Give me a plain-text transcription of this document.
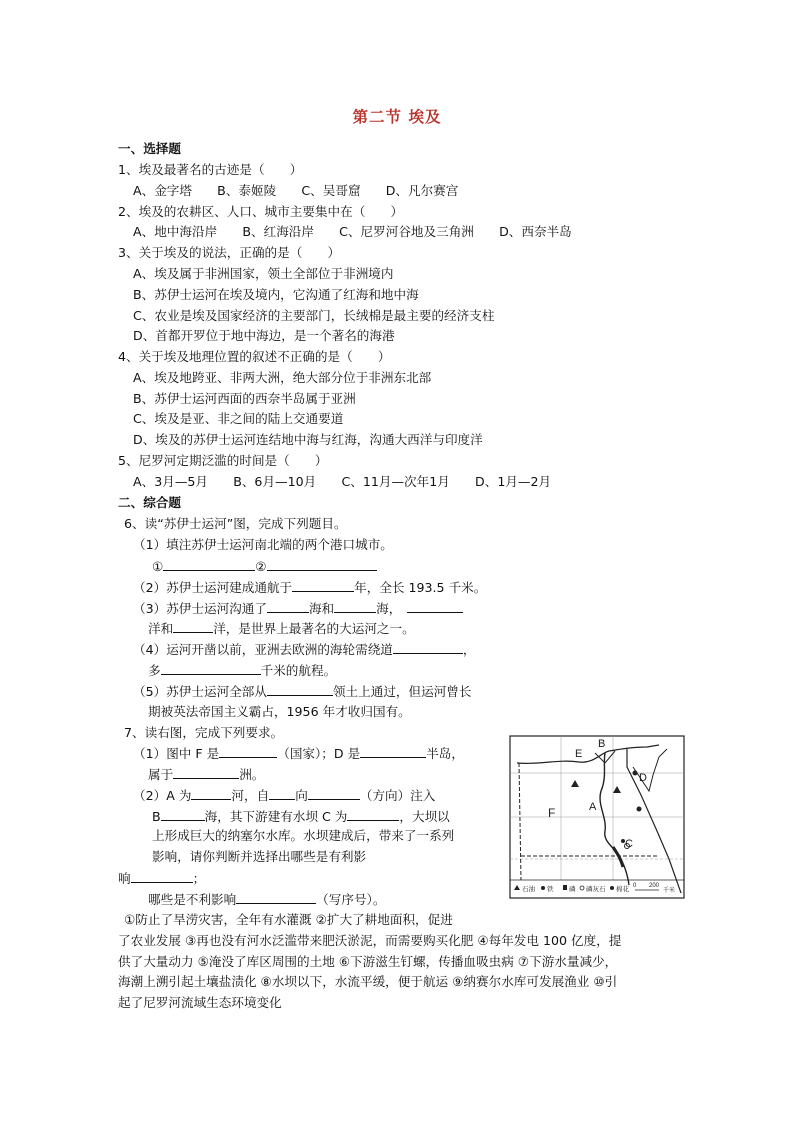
第二节 埃及
一、选择题
1、埃及最著名的古迹是（　　）
A、金字塔　　B、泰姬陵　　C、吴哥窟　　D、凡尔赛宫
2、埃及的农耕区、人口、城市主要集中在（　　）
A、地中海沿岸　　B、红海沿岸　　C、尼罗河谷地及三角洲　　D、西奈半岛
3、关于埃及的说法，正确的是（　　）
A、埃及属于非洲国家，领土全部位于非洲境内
B、苏伊士运河在埃及境内，它沟通了红海和地中海
C、农业是埃及国家经济的主要部门，长绒棉是最主要的经济支柱
D、首都开罗位于地中海边，是一个著名的海港
4、关于埃及地理位置的叙述不正确的是（　　）
A、埃及地跨亚、非两大洲，绝大部分位于非洲东北部
B、苏伊士运河西面的西奈半岛属于亚洲
C、埃及是亚、非之间的陆上交通要道
D、埃及的苏伊士运河连结地中海与红海，沟通大西洋与印度洋
5、尼罗河定期泛滥的时间是（　　）
A、3月—5月　　B、6月—10月　　C、11月—次年1月　　D、1月—2月
二、综合题
6、读“苏伊士运河”图，完成下列题目。
（1）填注苏伊士运河南北端的两个港口城市。
①	②
（2）苏伊士运河建成通航于	年，全长 193.5 千米。
（3）苏伊士运河沟通了	海和	海，
洋和	洋，是世界上最著名的大运河之一。
（4）运河开凿以前，亚洲去欧洲的海轮需绕道	，
多	千米的航程。
（5）苏伊士运河全部从	领土上通过，但运河曾长
期被英法帝国主义霸占，1956 年才收归国有。
7、读右图，完成下列要求。
（1）图中 F 是	（国家）；D 是	半岛，
属于	洲。
（2）A 为	河，自 向	（方向）注入
B	海，其下游建有水坝 C 为	，大坝以
上形成巨大的纳塞尔水库。水坝建成后，带来了一系列
影响，请你判断并选择出哪些是有利影
响	；
哪些是不利影响	（写序号）。
①防止了旱涝灾害，全年有水灌溉 ②扩大了耕地面积，促进
了农业发展 ③再也没有河水泛滥带来肥沃淤泥，而需要购买化肥 ④每年发电 100 亿度，提
供了大量动力 ⑤淹没了库区周围的土地 ⑥下游滋生钉螺，传播血吸虫病 ⑦下游水量减少，
海潮上溯引起土壤盐渍化 ⑧水坝以下，水流平缓，便于航运 ⑨纳赛尔水库可发展渔业 ⑩引
起了尼罗河流域生态环境变化
B
E
F	A
C
D
石油 铁 磷 磷灰石 棉花 0 200
千米
